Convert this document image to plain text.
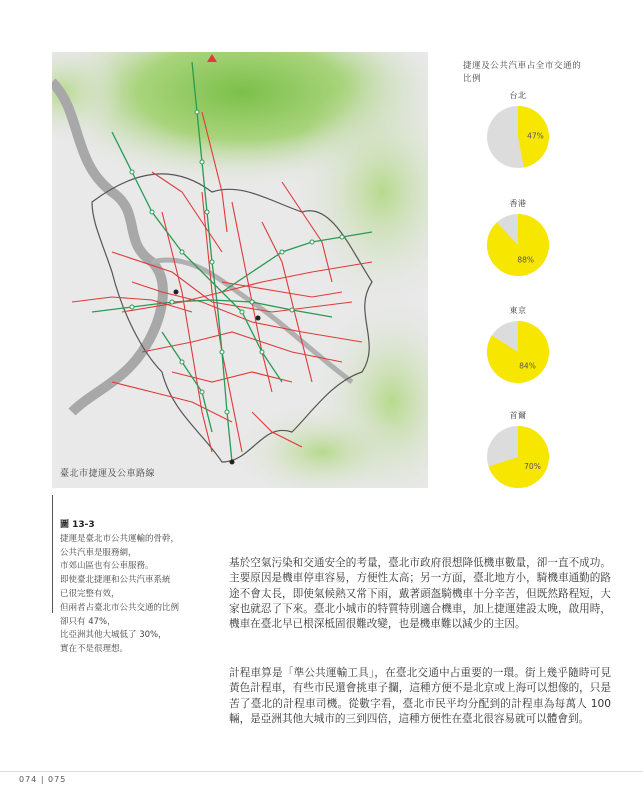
臺北市捷運及公車路線
捷運及公共汽車占全市交通的比例
台北
47%
香港
88%
東京
84%
首爾
70%
圖 13-3
捷運是臺北市公共運輸的骨幹，
公共汽車是服務網，
市郊山區也有公車服務。
即使臺北捷運和公共汽車系統
已很完整有效，
但兩者占臺北市公共交通的比例
卻只有 47%，
比亞洲其他大城低了 30%，
實在不是很理想。
基於空氣污染和交通安全的考量，臺北市政府很想降低機車數量，卻一直不成功。主要原因是機車停車容易，方便性太高；另一方面，臺北地方小，騎機車通勤的路途不會太長，即使氣候熱又常下雨，戴著頭盔騎機車十分辛苦，但既然路程短，大家也就忍了下來。臺北小城市的特質特別適合機車，加上捷運建設太晚，啟用時，機車在臺北早已根深柢固很難改變，也是機車難以減少的主因。
計程車算是「準公共運輸工具」，在臺北交通中占重要的一環。街上幾乎隨時可見黃色計程車，有些市民還會挑車子攔，這種方便不是北京或上海可以想像的，只是苦了臺北的計程車司機。從數字看，臺北市民平均分配到的計程車為每萬人 100 輛，是亞洲其他大城市的三到四倍，這種方便性在臺北很容易就可以體會到。
074 | 075
